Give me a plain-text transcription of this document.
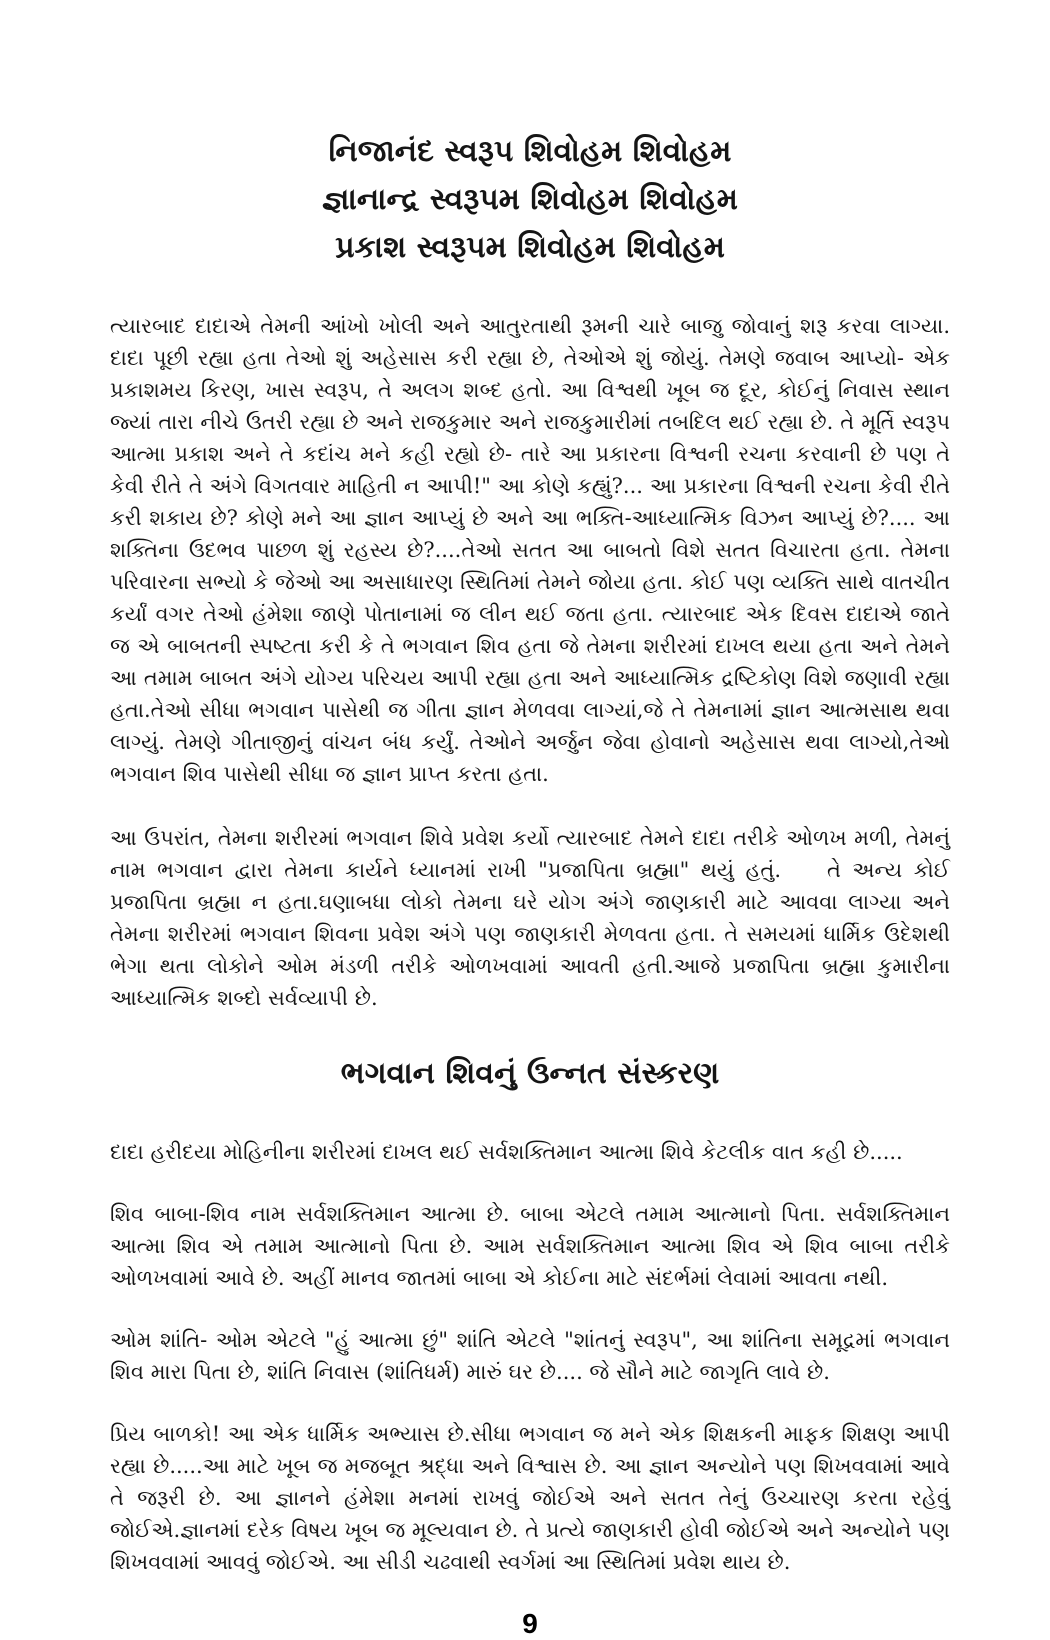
નિજાનંદ સ્વરૂપ શિવોહમ શિવોહમ
જ્ઞાનાન્દ્ર સ્વરૂપમ શિવોહમ શિવોહમ
પ્રકાશ સ્વરૂપમ શિવોહમ શિવોહમ

ત્યારબાદ દાદાએ તેમની આંખો ખોલી અને આતુરતાથી રૂમની ચારે બાજુ જોવાનું શરૂ કરવા લાગ્યા. દાદા પૂછી રહ્યા હતા તેઓ શું અહેસાસ કરી રહ્યા છે, તેઓએ શું જોયું. તેમણે જવાબ આપ્યો- એક પ્રકાશમય કિરણ, ખાસ સ્વરૂપ, તે અલગ શબ્દ હતો. આ વિશ્વથી ખૂબ જ દૂર, કોઈનું નિવાસ સ્થાન જ્યાં તારા નીચે ઉતરી રહ્યા છે અને રાજકુમાર અને રાજકુમારીમાં તબદિલ થઈ રહ્યા છે. તે મૂર્તિ સ્વરૂપ આત્મા પ્રકાશ અને તે કદાંચ મને કહી રહ્યો છે- તારે આ પ્રકારના વિશ્વની રચના કરવાની છે પણ તે કેવી રીતે તે અંગે વિગતવાર માહિતી ન આપી!" આ કોણે કહ્યું?... આ પ્રકારના વિશ્વની રચના કેવી રીતે કરી શકાય છે? કોણે મને આ જ્ઞાન આપ્યું છે અને આ ભક્તિ-આધ્યાત્મિક વિઝન આપ્યું છે?.... આ શક્તિના ઉદભવ પાછળ શું રહસ્ય છે?....તેઓ સતત આ બાબતો વિશે સતત વિચારતા હતા. તેમના પરિવારના સભ્યો કે જેઓ આ અસાધારણ સ્થિતિમાં તેમને જોયા હતા. કોઈ પણ વ્યક્તિ સાથે વાતચીત કર્યાં વગર તેઓ હંમેશા જાણે પોતાનામાં જ લીન થઈ જતા હતા. ત્યારબાદ એક દિવસ દાદાએ જાતે જ એ બાબતની સ્પષ્ટતા કરી કે તે ભગવાન શિવ હતા જે તેમના શરીરમાં દાખલ થયા હતા અને તેમને આ તમામ બાબત અંગે યોગ્ય પરિચય આપી રહ્યા હતા અને આધ્યાત્મિક દ્રષ્ટિકોણ વિશે જણાવી રહ્યા હતા.તેઓ સીધા ભગવાન પાસેથી જ ગીતા જ્ઞાન મેળવવા લાગ્યાં,જે તે તેમનામાં જ્ઞાન આત્મસાથ થવા લાગ્યું. તેમણે ગીતાજીનું વાંચન બંધ કર્યું. તેઓને અર્જુન જેવા હોવાનો અહેસાસ થવા લાગ્યો,તેઓ ભગવાન શિવ પાસેથી સીધા જ જ્ઞાન પ્રાપ્ત કરતા હતા.

આ ઉપરાંત, તેમના શરીરમાં ભગવાન શિવે પ્રવેશ કર્યો ત્યારબાદ તેમને દાદા તરીકે ઓળખ મળી, તેમનું નામ ભગવાન દ્વારા તેમના કાર્યને ધ્યાનમાં રાખી "પ્રજાપિતા બ્રહ્મા" થયું હતું.    તે અન્ય કોઈ પ્રજાપિતા બ્રહ્મા ન હતા.ઘણાબધા લોકો તેમના ઘરે યોગ અંગે જાણકારી માટે આવવા લાગ્યા અને તેમના શરીરમાં ભગવાન શિવના પ્રવેશ અંગે પણ જાણકારી મેળવતા હતા. તે સમયમાં ધાર્મિક ઉદેશથી ભેગા થતા લોકોને ઓમ મંડળી તરીકે ઓળખવામાં આવતી હતી.આજે પ્રજાપિતા બ્રહ્મા કુમારીના આધ્યાત્મિક શબ્દો સર્વવ્યાપી છે.

ભગવાન શિવનું ઉન્નત સંસ્કરણ

દાદા હરીદયા મોહિનીના શરીરમાં દાખલ થઈ સર્વશક્તિમાન આત્મા શિવે કેટલીક વાત કહી છે.....

શિવ બાબા-શિવ નામ સર્વશક્તિમાન આત્મા છે. બાબા એટલે તમામ આત્માનો પિતા. સર્વશક્તિમાન આત્મા શિવ એ તમામ આત્માનો પિતા છે. આમ સર્વશક્તિમાન આત્મા શિવ એ શિવ બાબા તરીકે ઓળખવામાં આવે છે. અહીં માનવ જાતમાં બાબા એ કોઈના માટે સંદર્ભમાં લેવામાં આવતા નથી.

ઓમ શાંતિ- ઓમ એટલે "હું આત્મા છું" શાંતિ એટલે "શાંતનું સ્વરૂપ", આ શાંતિના સમૂદ્રમાં ભગવાન શિવ મારા પિતા છે, શાંતિ નિવાસ (શાંતિધર્મ) મારું ઘર છે.... જે સૌને માટે જાગૃતિ લાવે છે.

પ્રિય બાળકો! આ એક ધાર્મિક અભ્યાસ છે.સીધા ભગવાન જ મને એક શિક્ષકની માફક શિક્ષણ આપી રહ્યા છે.....આ માટે ખૂબ જ મજબૂત શ્રદ્ધા અને વિશ્વાસ છે. આ જ્ઞાન અન્યોને પણ શિખવવામાં આવે તે જરૂરી છે. આ જ્ઞાનને હંમેશા મનમાં રાખવું જોઈએ અને સતત તેનું ઉચ્ચારણ કરતા રહેવું જોઈએ.જ્ઞાનમાં દરેક વિષય ખૂબ જ મૂલ્યવાન છે. તે પ્રત્યે જાણકારી હોવી જોઈએ અને અન્યોને પણ શિખવવામાં આવવું જોઈએ. આ સીડી ચઢવાથી સ્વર્ગમાં આ સ્થિતિમાં પ્રવેશ થાય છે.

9
